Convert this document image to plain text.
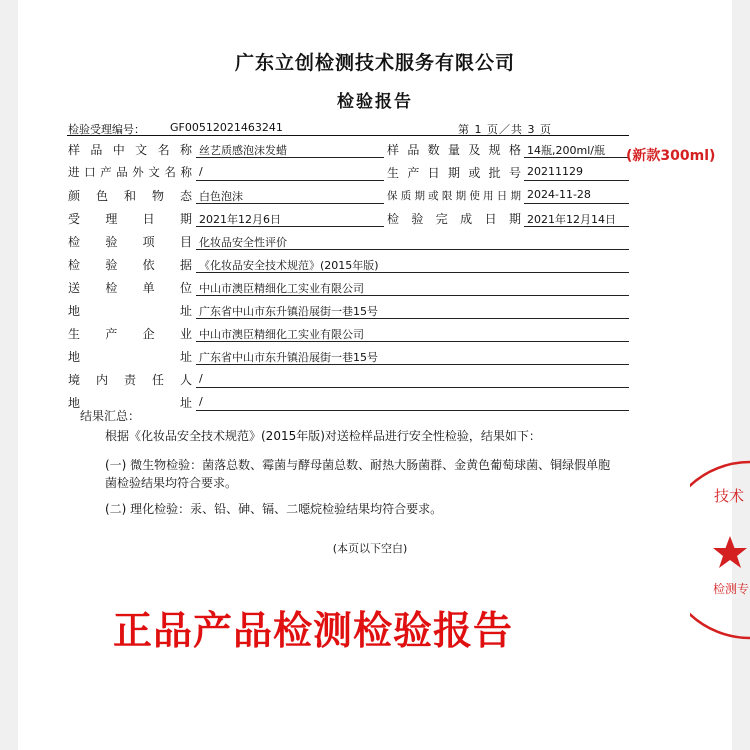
广东立创检测技术服务有限公司
检验报告
检验受理编号： GF00512021463241	第 1 页／共 3 页
样 品 中 文 名 称 丝艺质感泡沫发蜡	样 品 数 量 及 规 格 14瓶,200ml/瓶
进 口 产 品 外 文 名 称 /	生 产 日 期 或 批 号 20211129
颜 色 和 物 态 白色泡沫	保 质 期 或 限 期 使 用 日 期 2024-11-28
受 理 日 期 2021年12月6日	检 验 完 成 日 期 2021年12月14日
检 验 项 目 化妆品安全性评价
检 验 依 据 《化妆品安全技术规范》(2015年版)
送 检 单 位 中山市澳臣精细化工实业有限公司
地	址 广东省中山市东升镇沿展街一巷15号
生 产 企 业 中山市澳臣精细化工实业有限公司
地	址 广东省中山市东升镇沿展街一巷15号
境 内 责 任 人 /
地	址 /
结果汇总：
根据《化妆品安全技术规范》(2015年版)对送检样品进行安全性检验，结果如下：
(一) 微生物检验：菌落总数、霉菌与酵母菌总数、耐热大肠菌群、金黄色葡萄球菌、铜绿假单胞
菌检验结果均符合要求。
(二) 理化检验：汞、铅、砷、镉、二噁烷检验结果均符合要求。
(本页以下空白)
(新款300ml)
正品产品检测检验报告
技术
检测专
